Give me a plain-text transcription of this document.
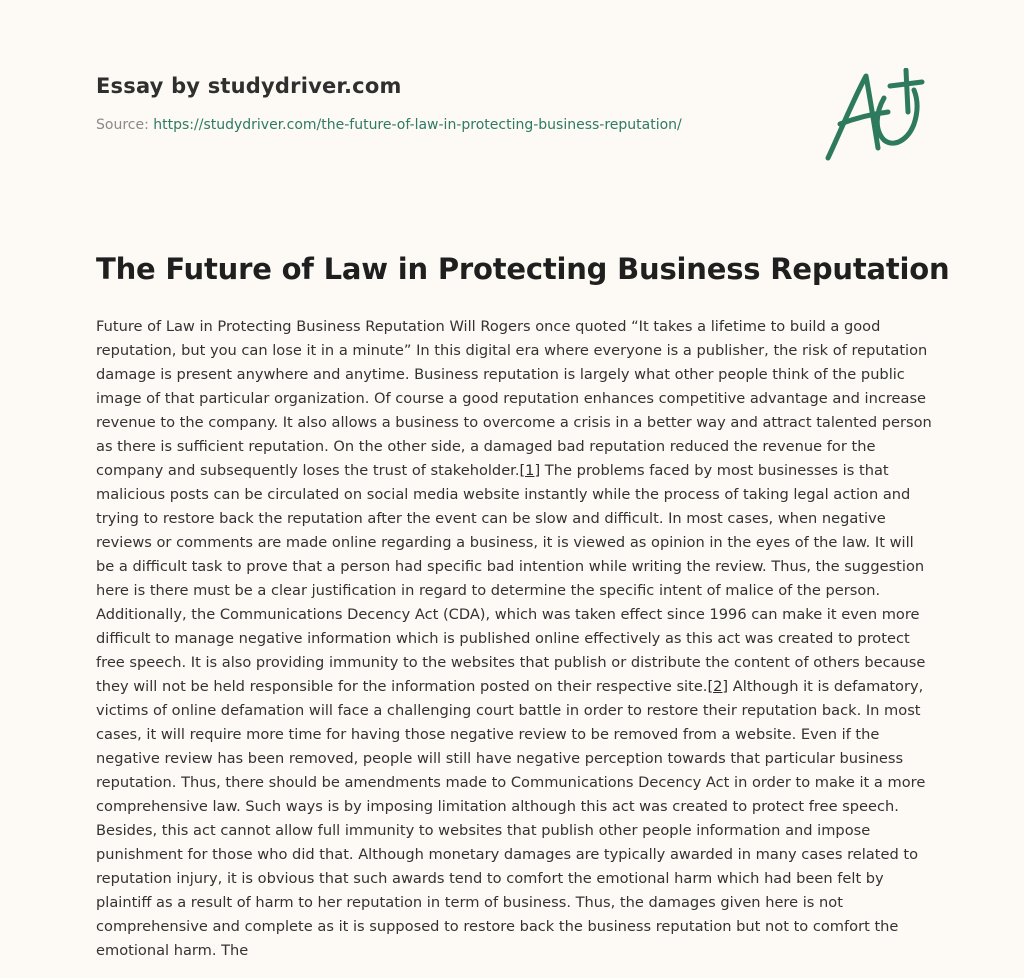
Essay by studydriver.com

Source: https://studydriver.com/the-future-of-law-in-protecting-business-reputation/
The Future of Law in Protecting Business Reputation

Future of Law in Protecting Business Reputation Will Rogers once quoted “It takes a lifetime to build a good reputation, but you can lose it in a minute” In this digital era where everyone is a publisher, the risk of reputation damage is present anywhere and anytime. Business reputation is largely what other people think of the public image of that particular organization. Of course a good reputation enhances competitive advantage and increase revenue to the company. It also allows a business to overcome a crisis in a better way and attract talented person as there is sufficient reputation. On the other side, a damaged bad reputation reduced the revenue for the company and subsequently loses the trust of stakeholder.[1] The problems faced by most businesses is that malicious posts can be circulated on social media website instantly while the process of taking legal action and trying to restore back the reputation after the event can be slow and difficult. In most cases, when negative reviews or comments are made online regarding a business, it is viewed as opinion in the eyes of the law. It will be a difficult task to prove that a person had specific bad intention while writing the review. Thus, the suggestion here is there must be a clear justification in regard to determine the specific intent of malice of the person. Additionally, the Communications Decency Act (CDA), which was taken effect since 1996 can make it even more difficult to manage negative information which is published online effectively as this act was created to protect free speech. It is also providing immunity to the websites that publish or distribute the content of others because they will not be held responsible for the information posted on their respective site.[2] Although it is defamatory, victims of online defamation will face a challenging court battle in order to restore their reputation back. In most cases, it will require more time for having those negative review to be removed from a website. Even if the negative review has been removed, people will still have negative perception towards that particular business reputation. Thus, there should be amendments made to Communications Decency Act in order to make it a more comprehensive law. Such ways is by imposing limitation although this act was created to protect free speech. Besides, this act cannot allow full immunity to websites that publish other people information and impose punishment for those who did that. Although monetary damages are typically awarded in many cases related to reputation injury, it is obvious that such awards tend to comfort the emotional harm which had been felt by plaintiff as a result of harm to her reputation in term of business. Thus, the damages given here is not comprehensive and complete as it is supposed to restore back the business reputation but not to comfort the emotional harm. The
